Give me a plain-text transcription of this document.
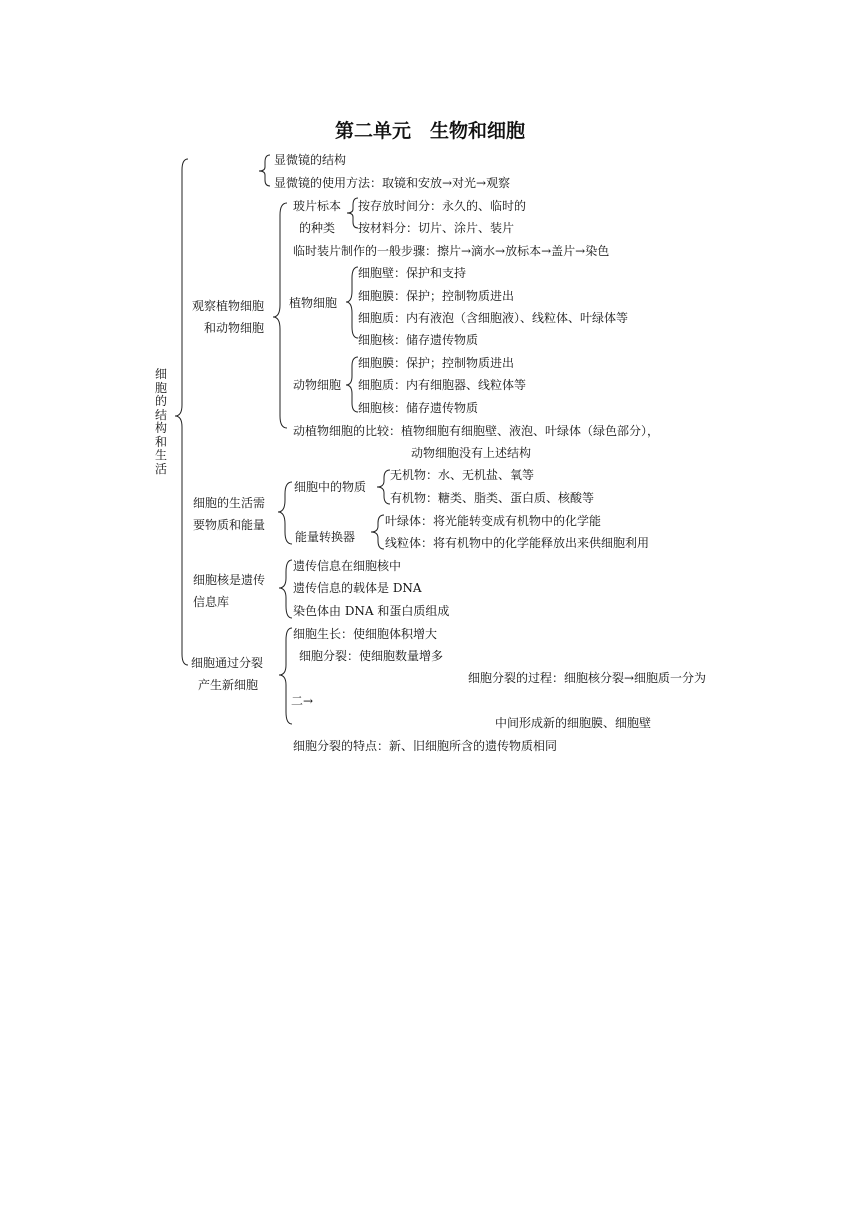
第二单元　生物和细胞
细胞的结构和生活
显微镜的结构
显微镜的使用方法：取镜和安放→对光→观察
观察植物细胞
和动物细胞
玻片标本
的种类
按存放时间分：永久的、临时的
按材料分：切片、涂片、装片
临时装片制作的一般步骤：擦片→滴水→放标本→盖片→染色
植物细胞
细胞壁：保护和支持
细胞膜：保护；控制物质进出
细胞质：内有液泡（含细胞液）、线粒体、叶绿体等
细胞核：储存遗传物质
动物细胞
细胞膜：保护；控制物质进出
细胞质：内有细胞器、线粒体等
细胞核：储存遗传物质
动植物细胞的比较：植物细胞有细胞壁、液泡、叶绿体（绿色部分），
动物细胞没有上述结构
细胞的生活需
要物质和能量
细胞中的物质
无机物：水、无机盐、氧等
有机物：糖类、脂类、蛋白质、核酸等
能量转换器
叶绿体：将光能转变成有机物中的化学能
线粒体：将有机物中的化学能释放出来供细胞利用
细胞核是遗传
信息库
遗传信息在细胞核中
遗传信息的载体是 DNA
染色体由 DNA 和蛋白质组成
细胞通过分裂
产生新细胞
细胞生长：使细胞体积增大
细胞分裂：使细胞数量增多
细胞分裂的过程：细胞核分裂→细胞质一分为
二→
中间形成新的细胞膜、细胞壁
细胞分裂的特点：新、旧细胞所含的遗传物质相同
